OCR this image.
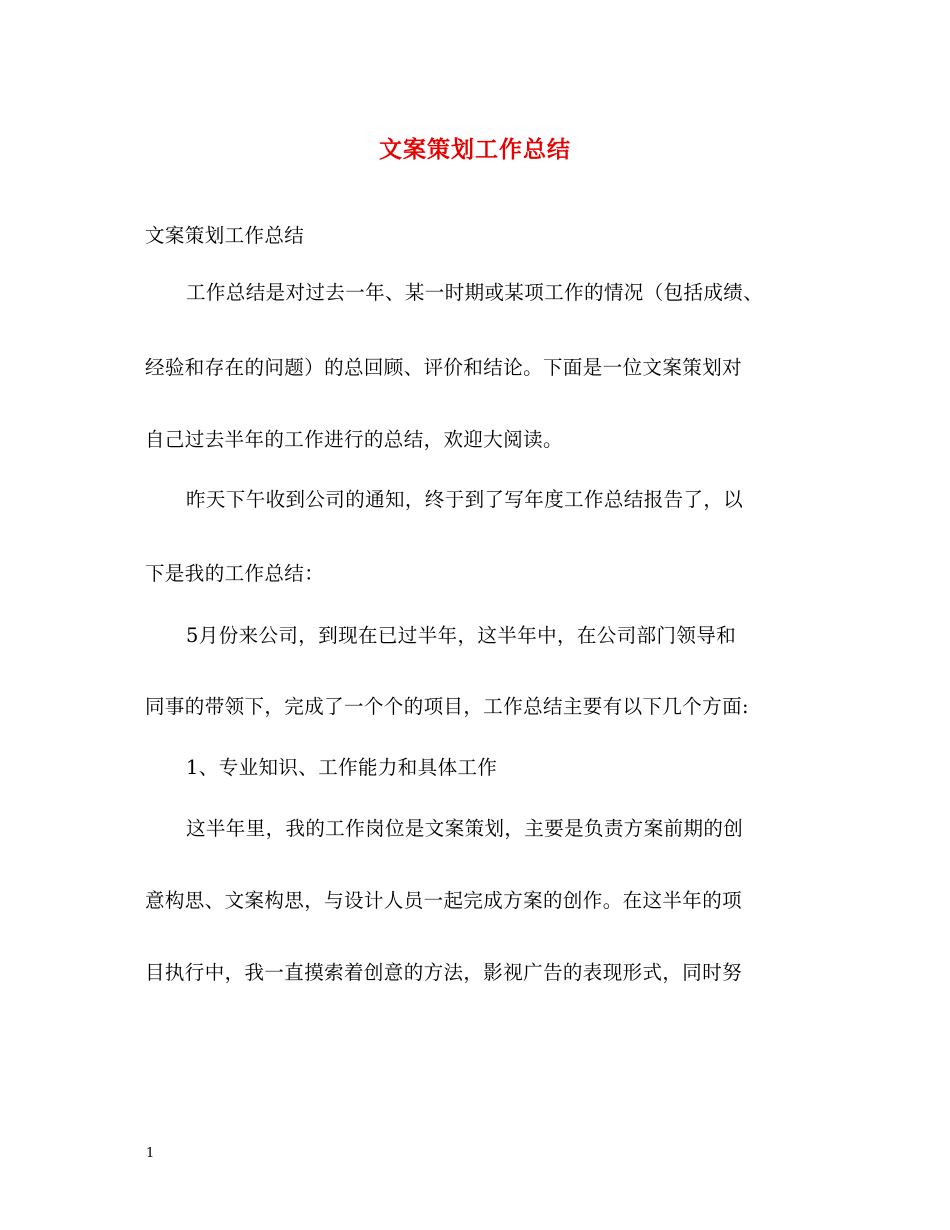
文案策划工作总结
文案策划工作总结
工作总结是对过去一年、某一时期或某项工作的情况（包括成绩、
经验和存在的问题）的总回顾、评价和结论。下面是一位文案策划对
自己过去半年的工作进行的总结，欢迎大阅读。
昨天下午收到公司的通知，终于到了写年度工作总结报告了，以
下是我的工作总结：
5月份来公司，到现在已过半年，这半年中，在公司部门领导和
同事的带领下，完成了一个个的项目，工作总结主要有以下几个方面:
1、专业知识、工作能力和具体工作
这半年里，我的工作岗位是文案策划，主要是负责方案前期的创
意构思、文案构思，与设计人员一起完成方案的创作。在这半年的项
目执行中，我一直摸索着创意的方法，影视广告的表现形式，同时努
1
